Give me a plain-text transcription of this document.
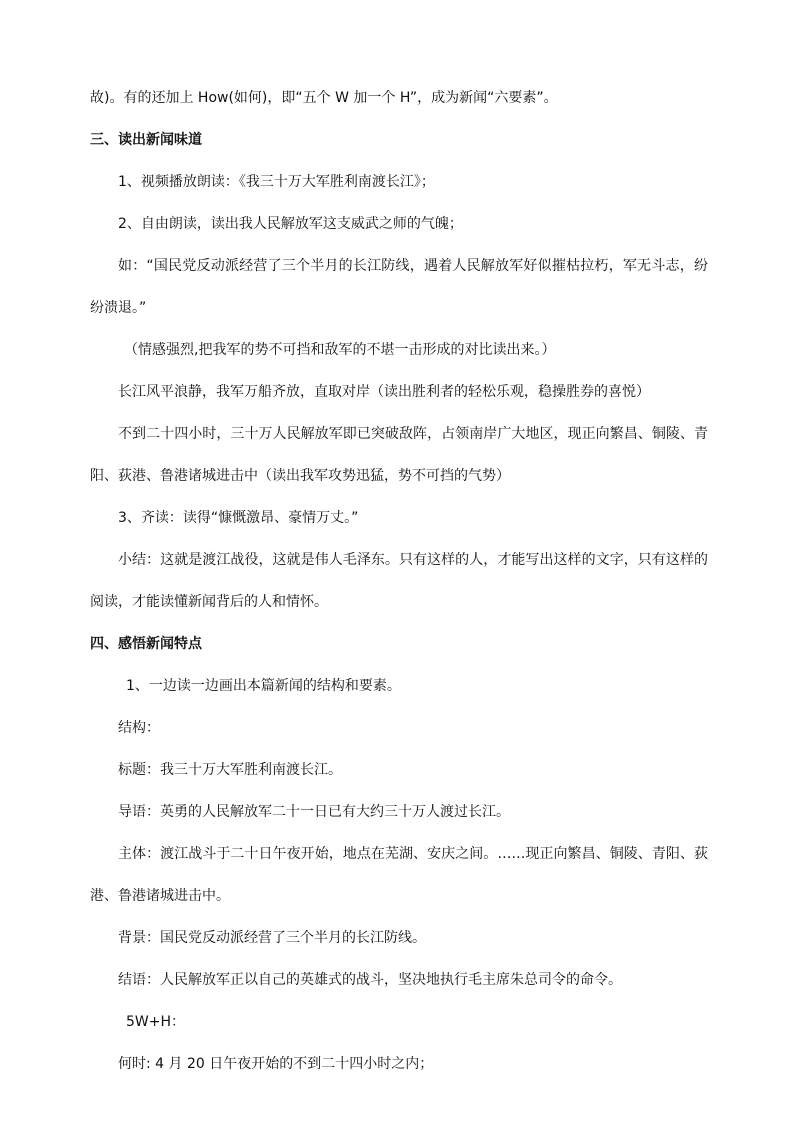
故)。有的还加上 How(如何)，即“五个 W 加一个 H”，成为新闻“六要素”。
三、读出新闻味道
1、视频播放朗读：《我三十万大军胜利南渡长江》；
2、自由朗读，读出我人民解放军这支威武之师的气魄；
如：“国民党反动派经营了三个半月的长江防线，遇着人民解放军好似摧枯拉朽，军无斗志，纷
纷溃退。”
（情感强烈,把我军的势不可挡和敌军的不堪一击形成的对比读出来。）
长江风平浪静，我军万船齐放，直取对岸（读出胜利者的轻松乐观，稳操胜券的喜悦）
不到二十四小时，三十万人民解放军即已突破敌阵，占领南岸广大地区，现正向繁昌、铜陵、青
阳、荻港、鲁港诸城进击中（读出我军攻势迅猛，势不可挡的气势）
3、齐读：读得“慷慨激昂、豪情万丈。”
小结：这就是渡江战役，这就是伟人毛泽东。只有这样的人，才能写出这样的文字，只有这样的
阅读，才能读懂新闻背后的人和情怀。
四、感悟新闻特点
1、一边读一边画出本篇新闻的结构和要素。
结构：
标题：我三十万大军胜利南渡长江。
导语：英勇的人民解放军二十一日已有大约三十万人渡过长江。
主体：渡江战斗于二十日午夜开始，地点在芜湖、安庆之间。……现正向繁昌、铜陵、青阳、荻
港、鲁港诸城进击中。
背景：国民党反动派经营了三个半月的长江防线。
结语：人民解放军正以自己的英雄式的战斗，坚决地执行毛主席朱总司令的命令。
5W+H：
何时: 4 月 20 日午夜开始的不到二十四小时之内；
